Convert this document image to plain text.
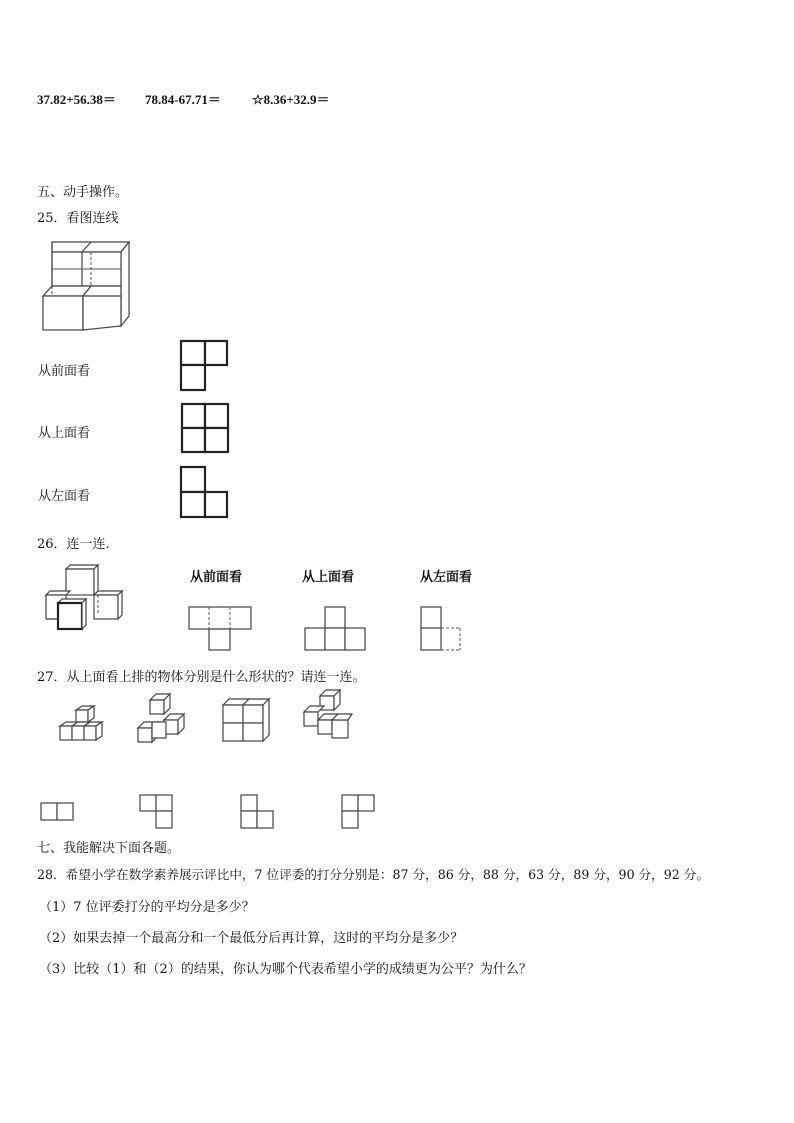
37.82+56.38＝ 78.84-67.71＝ ☆8.36+32.9＝
五、动手操作。
25．看图连线
从前面看
从上面看
从左面看
26．连一连.
从前面看	从上面看	从左面看
27．从上面看上排的物体分别是什么形状的？请连一连。
七、我能解决下面各题。
28．希望小学在数学素养展示评比中，7 位评委的打分分别是：87 分，86 分，88 分，63 分，89 分，90 分，92 分。
（1）7 位评委打分的平均分是多少？
（2）如果去掉一个最高分和一个最低分后再计算，这时的平均分是多少？
（3）比较（1）和（2）的结果，你认为哪个代表希望小学的成绩更为公平？为什么？
